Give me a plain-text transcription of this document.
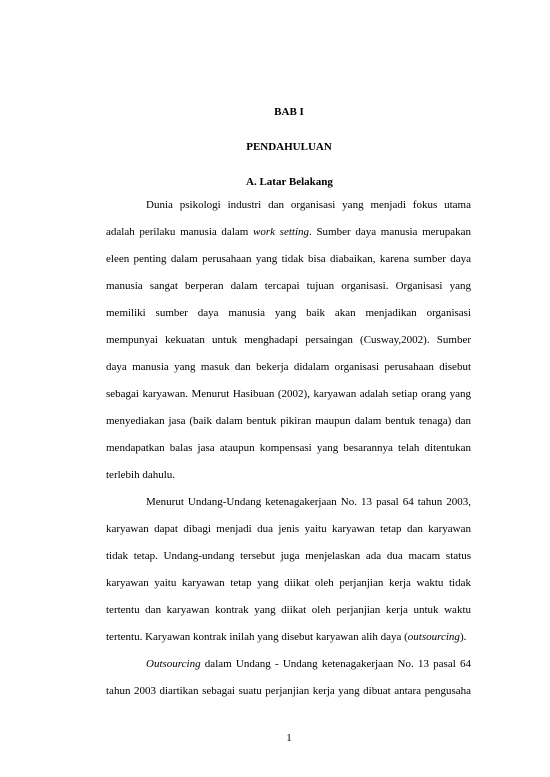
BAB I
PENDAHULUAN
A. Latar Belakang
Dunia psikologi industri dan organisasi yang menjadi fokus utama
adalah perilaku manusia dalam work setting. Sumber daya manusia merupakan
eleen penting dalam perusahaan yang tidak bisa diabaikan, karena sumber daya
manusia sangat berperan dalam tercapai tujuan organisasi. Organisasi yang
memiliki sumber daya manusia yang baik akan menjadikan organisasi
mempunyai kekuatan untuk menghadapi persaingan (Cusway,2002). Sumber
daya manusia yang masuk dan bekerja didalam organisasi perusahaan disebut
sebagai karyawan. Menurut Hasibuan (2002), karyawan adalah setiap orang yang
menyediakan jasa (baik dalam bentuk pikiran maupun dalam bentuk tenaga) dan
mendapatkan balas jasa ataupun kompensasi yang besarannya telah ditentukan
terlebih dahulu.
Menurut Undang-Undang ketenagakerjaan No. 13 pasal 64 tahun 2003,
karyawan dapat dibagi menjadi dua jenis yaitu karyawan tetap dan karyawan
tidak tetap. Undang-undang tersebut juga menjelaskan ada dua macam status
karyawan yaitu karyawan tetap yang diikat oleh perjanjian kerja waktu tidak
tertentu dan karyawan kontrak yang diikat oleh perjanjian kerja untuk waktu
tertentu. Karyawan kontrak inilah yang disebut karyawan alih daya (outsourcing).
Outsourcing dalam Undang - Undang ketenagakerjaan No. 13 pasal 64
tahun 2003 diartikan sebagai suatu perjanjian kerja yang dibuat antara pengusaha
1
